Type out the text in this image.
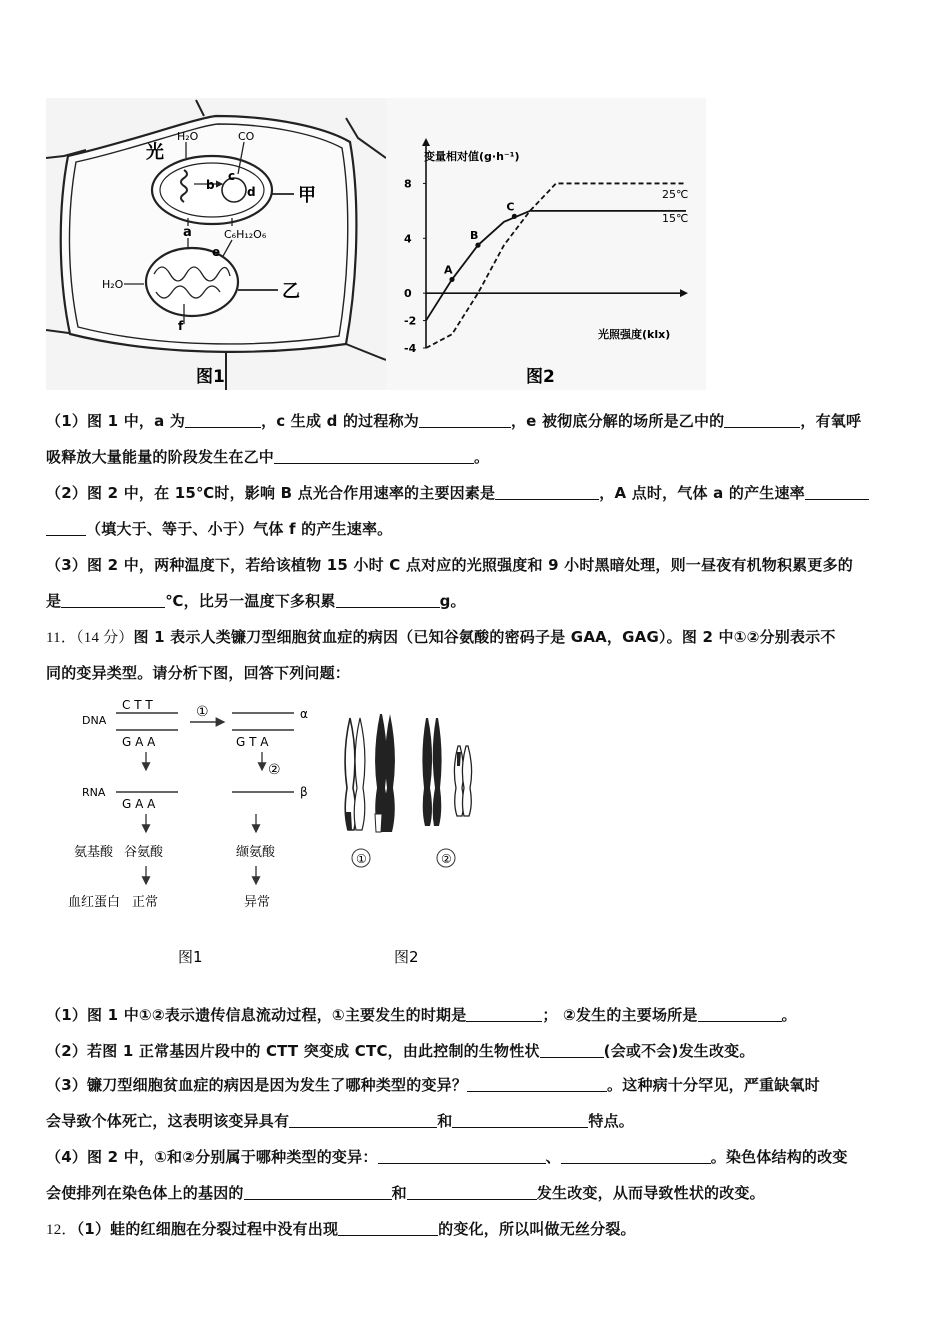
光
H₂O	CO
b
c
d
a
e
C₆H₁₂O₆
H₂O
甲
乙
f
图1
8
4
0
-2
-4
A
B
C
变量相对值(g·h⁻¹)
光照强度(klx)
25℃
15℃
图2
（1）图 1 中，a 为	，c 生成 d 的过程称为	，e 被彻底分解的场所是乙中的	，有氧呼
吸释放大量能量的阶段发生在乙中	。
（2）图 2 中，在 15℃时，影响 B 点光合作用速率的主要因素是	，A 点时，气体 a 的产生速率
（填大于、等于、小于）气体 f 的产生速率。
（3）图 2 中，两种温度下，若给该植物 15 小时 C 点对应的光照强度和 9 小时黑暗处理，则一昼夜有机物积累更多的
是	℃，比另一温度下多积累	g。
11．（14 分）图 1 表示人类镰刀型细胞贫血症的病因（已知谷氨酸的密码子是 GAA，GAG）。图 2 中①②分别表示不
同的变异类型。请分析下图，回答下列问题：
DNA
C T T
G A A
①	α
G T A
②
RNA
G A A
β
氨基酸 谷氨酸	缬氨酸
血红蛋白 正常	异常
图1
①	②
图2
（1）图 1 中①②表示遗传信息流动过程，①主要发生的时期是	； ②发生的主要场所是	。
（2）若图 1 正常基因片段中的 CTT 突变成 CTC，由此控制的生物性状	(会或不会)发生改变。
（3）镰刀型细胞贫血症的病因是因为发生了哪种类型的变异？	。这种病十分罕见，严重缺氧时
会导致个体死亡，这表明该变异具有	和	特点。
（4）图 2 中，①和②分别属于哪种类型的变异：	、	。染色体结构的改变
会使排列在染色体上的基因的	和	发生改变，从而导致性状的改变。
12．（1）蛙的红细胞在分裂过程中没有出现	的变化，所以叫做无丝分裂。
